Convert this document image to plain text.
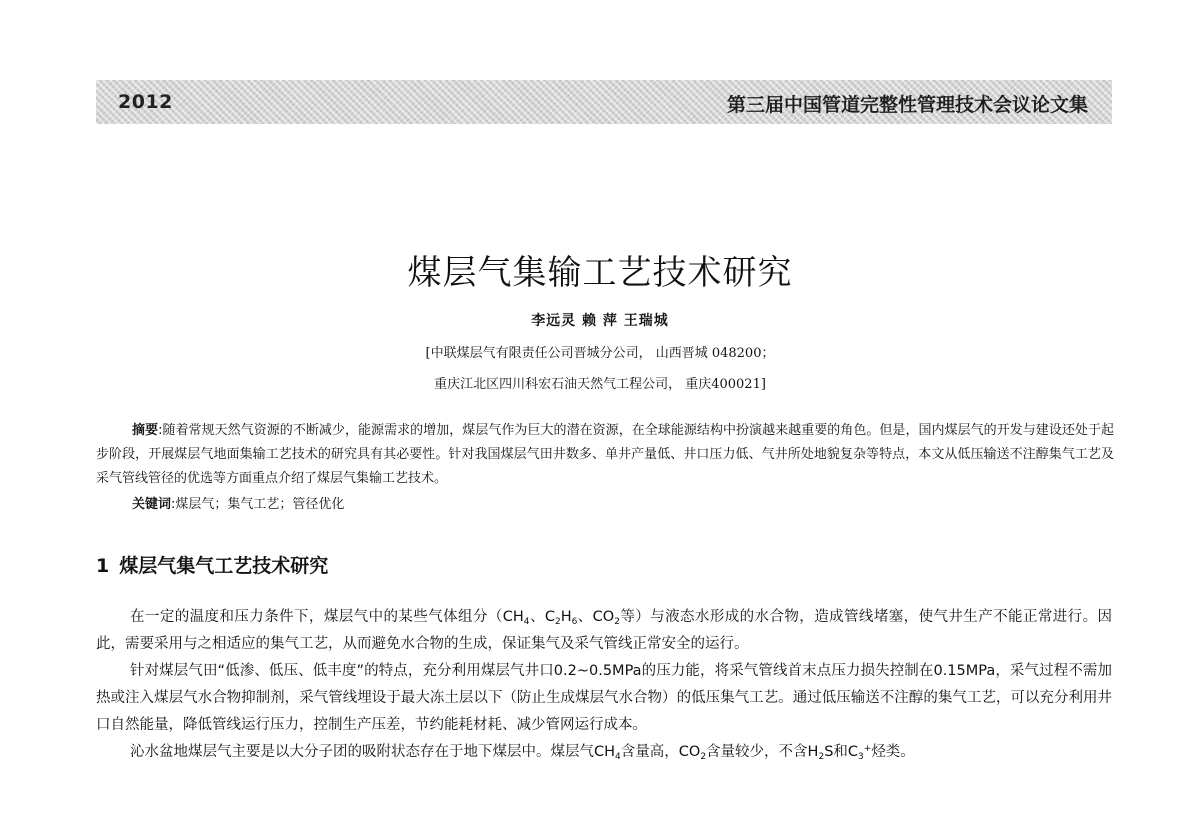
2012	第三届中国管道完整性管理技术会议论文集
煤层气集输工艺技术研究
李远灵 赖 萍 王瑞城
[中联煤层气有限责任公司晋城分公司， 山西晋城 048200；
重庆江北区四川科宏石油天然气工程公司， 重庆400021]
摘要:随着常规天然气资源的不断减少，能源需求的增加，煤层气作为巨大的潜在资源，在全球能源结构中扮演越来越重要的角色。但是，国内煤层气的开发与建设还处于起步阶段，开展煤层气地面集输工艺技术的研究具有其必要性。针对我国煤层气田井数多、单井产量低、井口压力低、气井所处地貌复杂等特点，本文从低压输送不注醇集气工艺及采气管线管径的优选等方面重点介绍了煤层气集输工艺技术。
关键词:煤层气；集气工艺；管径优化
1 煤层气集气工艺技术研究

在一定的温度和压力条件下，煤层气中的某些气体组分（$CH_4$、$C_2H_6$、$CO_2$等）与液态水形成的水合物，造成管线堵塞，使气井生产不能正常进行。因此，需要采用与之相适应的集气工艺，从而避免水合物的生成，保证集气及采气管线正常安全的运行。

针对煤层气田“低渗、低压、低丰度”的特点，充分利用煤层气井口0.2~0.5MPa的压力能，将采气管线首末点压力损失控制在0.15MPa，采气过程不需加热或注入煤层气水合物抑制剂，采气管线埋设于最大冻土层以下（防止生成煤层气水合物）的低压集气工艺。通过低压输送不注醇的集气工艺，可以充分利用井口自然能量，降低管线运行压力，控制生产压差，节约能耗材耗、减少管网运行成本。

沁水盆地煤层气主要是以大分子团的吸附状态存在于地下煤层中。煤层气$CH_4$含量高，$CO_2$含量较少，不含$H_2S$和$C_3^+$烃类。
